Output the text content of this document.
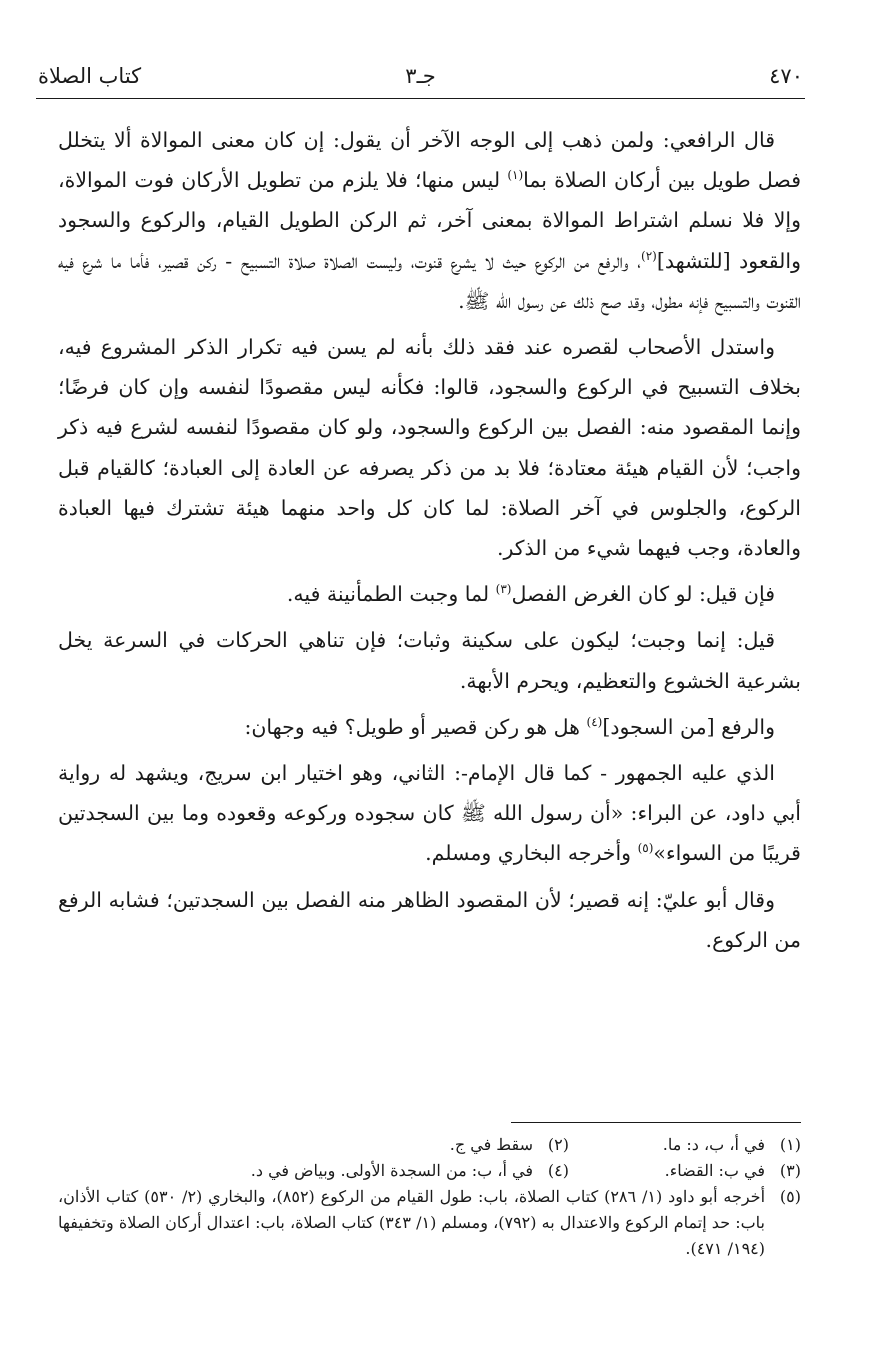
٤٧٠
جـ٣
كتاب الصلاة

قال الرافعي: ولمن ذهب إلى الوجه الآخر أن يقول: إن كان معنى الموالاة ألا يتخلل فصل طويل بين أركان الصلاة بما$^{(١)}$ ليس منها؛ فلا يلزم من تطويل الأركان فوت الموالاة، وإلا فلا نسلم اشتراط الموالاة بمعنى آخر، ثم الركن الطويل القيام، والركوع والسجود والقعود [للتشهد]$^{(٢)}$، والرفع من الركوع حيث لا يشرع قنوت، وليست الصلاة صلاة التسبيح - ركن قصير، فأما ما شرع فيه القنوت والتسبيح فإنه مطول، وقد صح ذلك عن رسول الله ﷺ.

واستدل الأصحاب لقصره عند فقد ذلك بأنه لم يسن فيه تكرار الذكر المشروع فيه، بخلاف التسبيح في الركوع والسجود، قالوا: فكأنه ليس مقصودًا لنفسه وإن كان فرضًا؛ وإنما المقصود منه: الفصل بين الركوع والسجود، ولو كان مقصودًا لنفسه لشرع فيه ذكر واجب؛ لأن القيام هيئة معتادة؛ فلا بد من ذكر يصرفه عن العادة إلى العبادة؛ كالقيام قبل الركوع، والجلوس في آخر الصلاة: لما كان كل واحد منهما هيئة تشترك فيها العبادة والعادة، وجب فيهما شيء من الذكر.

فإن قيل: لو كان الغرض الفصل$^{(٣)}$ لما وجبت الطمأنينة فيه.

قيل: إنما وجبت؛ ليكون على سكينة وثبات؛ فإن تناهي الحركات في السرعة يخل بشرعية الخشوع والتعظيم، ويحرم الأبهة.

والرفع [من السجود]$^{(٤)}$ هل هو ركن قصير أو طويل؟ فيه وجهان:

الذي عليه الجمهور - كما قال الإمام-: الثاني، وهو اختيار ابن سريج، ويشهد له رواية أبي داود، عن البراء: «أن رسول الله ﷺ كان سجوده وركوعه وقعوده وما بين السجدتين قريبًا من السواء»$^{(٥)}$ وأخرجه البخاري ومسلم.

وقال أبو عليّ: إنه قصير؛ لأن المقصود الظاهر منه الفصل بين السجدتين؛ فشابه الرفع من الركوع.

(١)
في أ، ب، د: ما.
(٢)
سقط في ج.
(٣)
في ب: القضاء.
(٤)
في أ، ب: من السجدة الأولى. وبياض في د.
(٥)
أخرجه أبو داود (١/ ٢٨٦) كتاب الصلاة، باب: طول القيام من الركوع (٨٥٢)، والبخاري (٢/ ٥٣٠) كتاب الأذان، باب: حد إتمام الركوع والاعتدال به (٧٩٢)، ومسلم (١/ ٣٤٣) كتاب الصلاة، باب: اعتدال أركان الصلاة وتخفيفها (١٩٤/ ٤٧١).
